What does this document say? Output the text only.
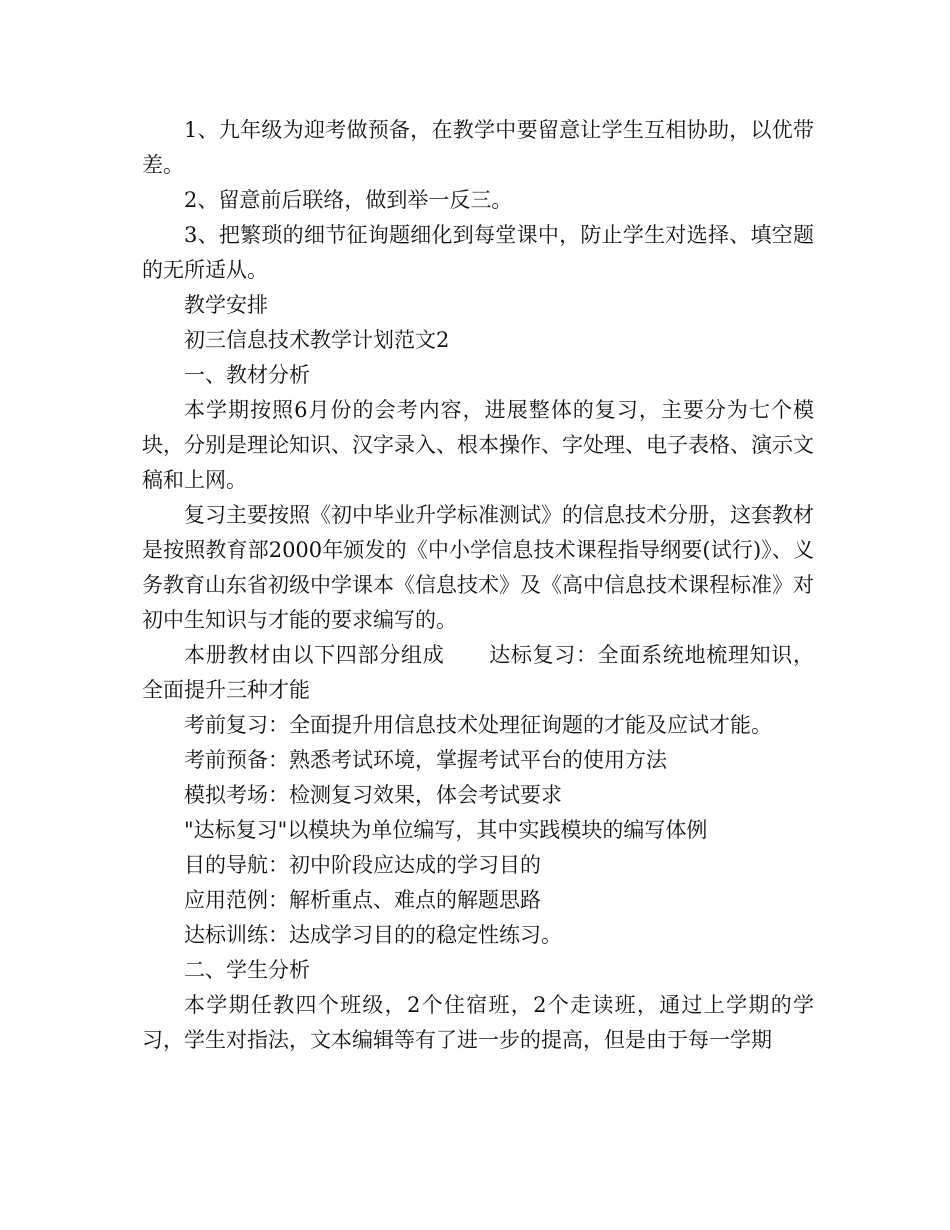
1、九年级为迎考做预备，在教学中要留意让学生互相协助，以优带差。

2、留意前后联络，做到举一反三。

3、把繁琐的细节征询题细化到每堂课中，防止学生对选择、填空题的无所适从。

教学安排

初三信息技术教学计划范文2

一、教材分析

本学期按照6月份的会考内容，进展整体的复习，主要分为七个模块，分别是理论知识、汉字录入、根本操作、字处理、电子表格、演示文稿和上网。

复习主要按照《初中毕业升学标准测试》的信息技术分册，这套教材是按照教育部2000年颁发的《中小学信息技术课程指导纲要(试行)》、义务教育山东省初级中学课本《信息技术》及《高中信息技术课程标准》对初中生知识与才能的要求编写的。

本册教材由以下四部分组成 达标复习：全面系统地梳理知识，全面提升三种才能

考前复习：全面提升用信息技术处理征询题的才能及应试才能。

考前预备：熟悉考试环境，掌握考试平台的使用方法

模拟考场：检测复习效果，体会考试要求

"达标复习"以模块为单位编写，其中实践模块的编写体例

目的导航：初中阶段应达成的学习目的

应用范例：解析重点、难点的解题思路

达标训练：达成学习目的的稳定性练习。

二、学生分析

本学期任教四个班级，2个住宿班，2个走读班，通过上学期的学习，学生对指法，文本编辑等有了进一步的提高，但是由于每一学期
